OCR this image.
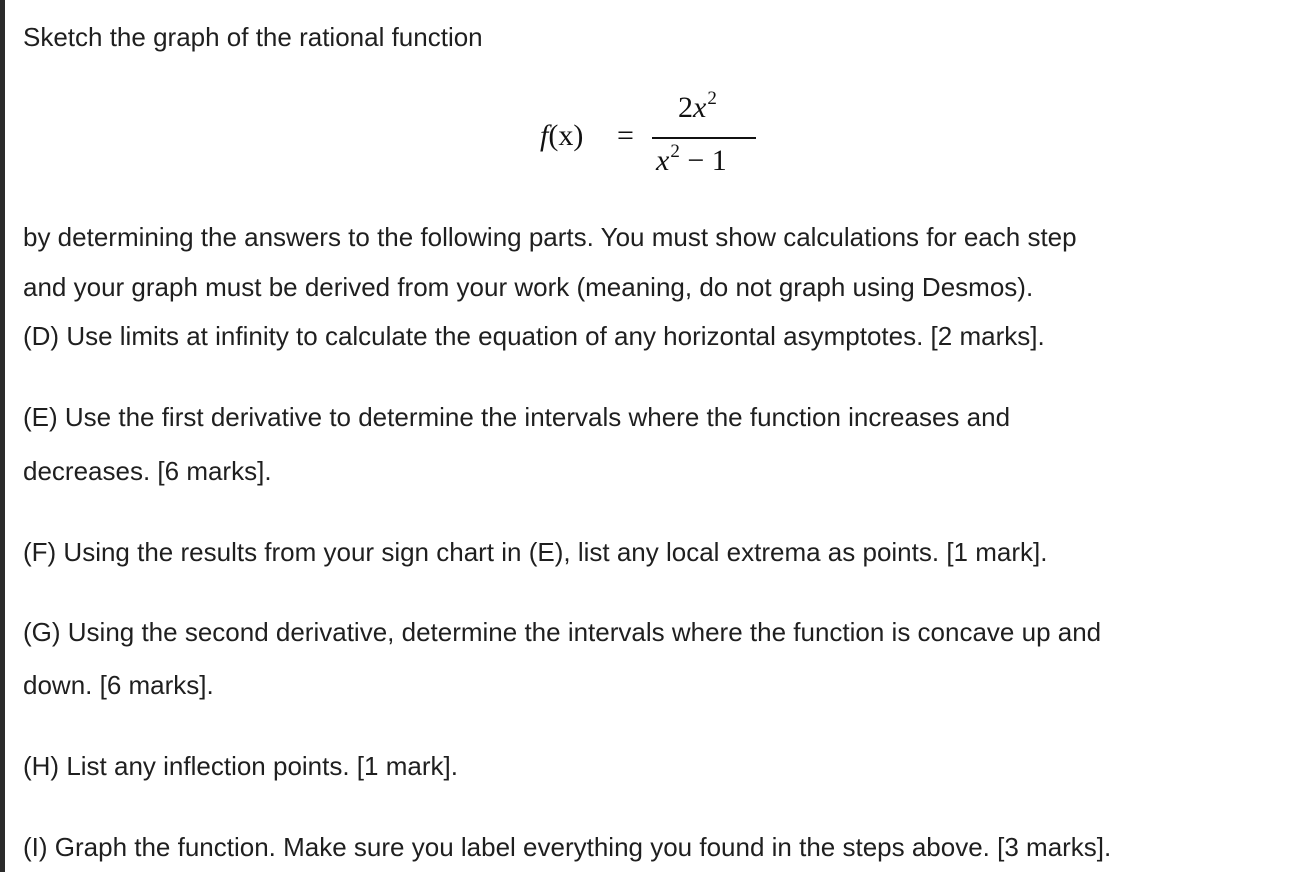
Sketch the graph of the rational function

f(x) =
$2x^2$
$x^2 - 1$

by determining the answers to the following parts. You must show calculations for each step

and your graph must be derived from your work (meaning, do not graph using Desmos).

(D) Use limits at infinity to calculate the equation of any horizontal asymptotes. [2 marks].

(E) Use the first derivative to determine the intervals where the function increases and

decreases. [6 marks].

(F) Using the results from your sign chart in (E), list any local extrema as points. [1 mark].

(G) Using the second derivative, determine the intervals where the function is concave up and

down. [6 marks].

(H) List any inflection points. [1 mark].

(I) Graph the function. Make sure you label everything you found in the steps above. [3 marks].
